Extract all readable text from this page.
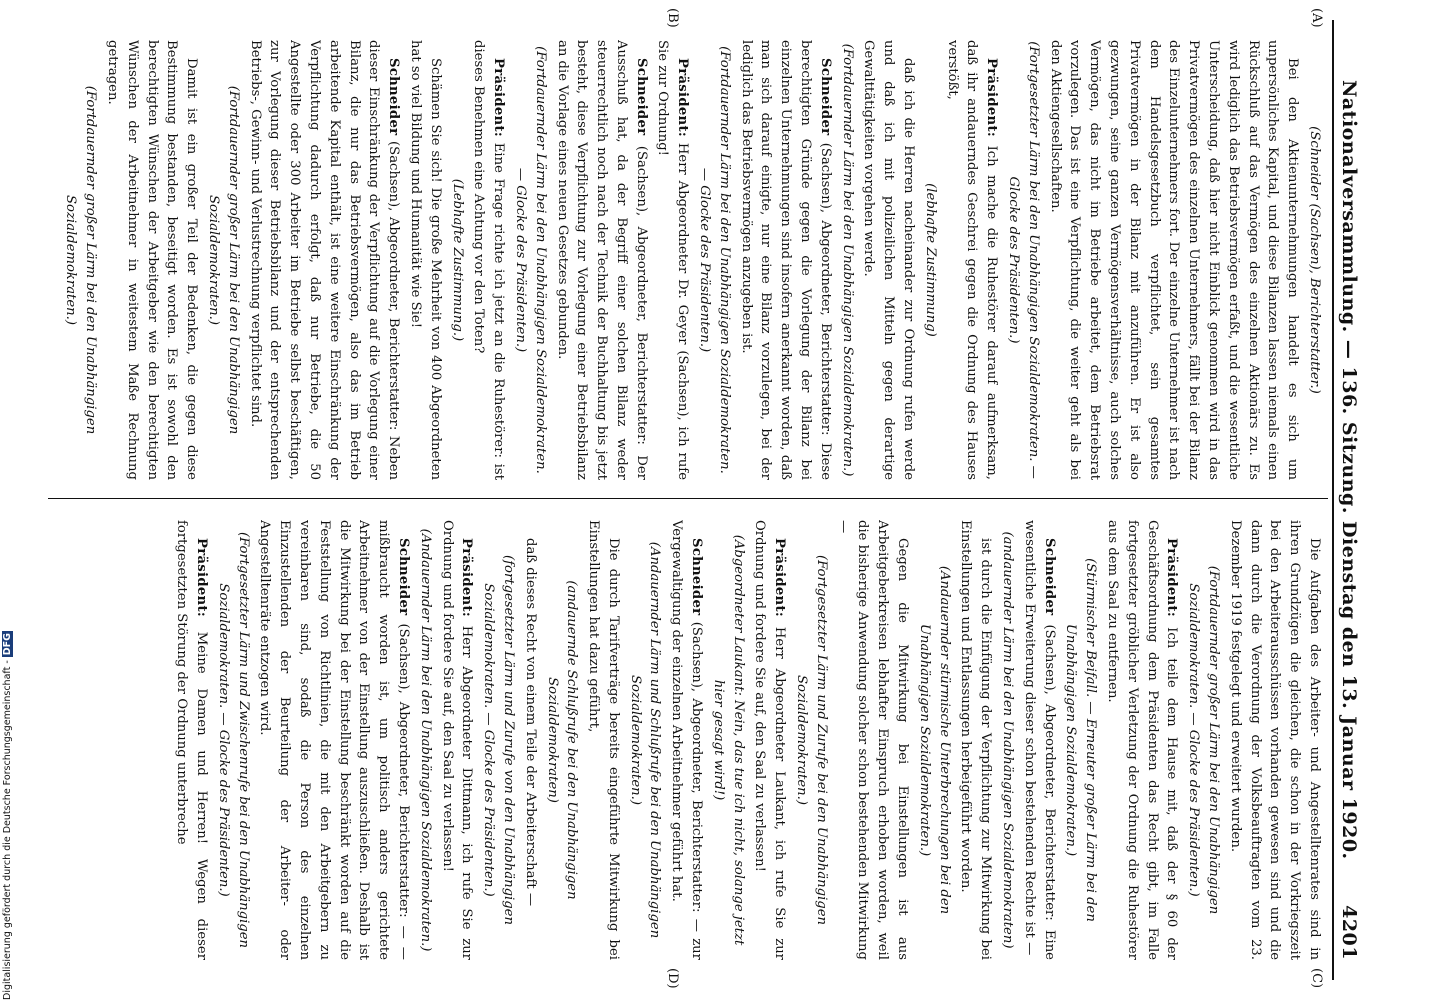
Nationalversammlung. — 136. Sitzung. Dienstag den 13. Januar 1920.
4201
(A)
(B)
(C)
(D)

(Schneider (Sachsen), Berichterstatter.)

Bei den Aktienunternehmungen handelt es sich um unpersönliches Kapital, und diese Bilanzen lassen niemals einen Rückschluß auf das Vermögen des einzelnen Aktionärs zu. Es wird lediglich das Betriebsvermögen erfaßt, und die wesentliche Unterscheidung, daß hier nicht Einblick genommen wird in das Privatvermögen des einzelnen Unternehmers, fällt bei der Bilanz des Einzelunternehmers fort. Der einzelne Unternehmer ist nach dem Handelsgesetzbuch verpflichtet, sein gesamtes Privatvermögen in der Bilanz mit anzuführen. Er ist also gezwungen, seine ganzen Vermögensverhältnisse, auch solches Vermögen, das nicht im Betriebe arbeitet, dem Betriebsrat vorzulegen. Das ist eine Verpflichtung, die weiter geht als bei den Aktiengesellschaften.

(Fortgesetzter Lärm bei den Unabhängigen Sozialdemokraten. — Glocke des Präsidenten.)

Präsident: Ich mache die Ruhestörer darauf aufmerksam, daß ihr andauerndes Geschrei gegen die Ordnung des Hauses verstößt,

(lebhafte Zustimmung)

daß ich die Herren nacheinander zur Ordnung rufen werde und daß ich mit polizeilichen Mitteln gegen derartige Gewalttätigkeiten vorgehen werde.

(Fortdauernder Lärm bei den Unabhängigen Sozialdemokraten.)

Schneider (Sachsen), Abgeordneter, Berichterstatter: Diese berechtigten Gründe gegen die Vorlegung der Bilanz bei einzelnen Unternehmungen sind insofern anerkannt worden, daß man sich darauf einigte, nur eine Bilanz vorzulegen, bei der lediglich das Betriebsvermögen anzugeben ist.

(Fortdauernder Lärm bei den Unabhängigen Sozialdemokraten. — Glocke des Präsidenten.)

Präsident: Herr Abgeordneter Dr. Geyer (Sachsen), ich rufe Sie zur Ordnung!

Schneider (Sachsen), Abgeordneter, Berichterstatter: Der Ausschuß hat, da der Begriff einer solchen Bilanz weder steuerrechtlich noch nach der Technik der Buchhaltung bis jetzt besteht, diese Verpflichtung zur Vorlegung einer Betriebsbilanz an die Vorlage eines neuen Gesetzes gebunden.

(Fortdauernder Lärm bei den Unabhängigen Sozialdemokraten. — Glocke des Präsidenten.)

Präsident: Eine Frage richte ich jetzt an die Ruhestörer: ist dieses Benehmen eine Achtung vor den Toten?

(Lebhafte Zustimmung.)

Schämen Sie sich! Die große Mehrheit von 400 Abgeordneten hat so viel Bildung und Humanität wie Sie!

Schneider (Sachsen), Abgeordneter, Berichterstatter: Neben dieser Einschränkung der Verpflichtung auf die Vorlegung einer Bilanz, die nur das Betriebsvermögen, also das im Betrieb arbeitende Kapital enthält, ist eine weitere Einschränkung der Verpflichtung dadurch erfolgt, daß nur Betriebe, die 50 Angestellte oder 300 Arbeiter im Betriebe selbst beschäftigen, zur Vorlegung dieser Betriebsbilanz und der entsprechenden Betriebs-, Gewinn- und Verlustrechnung verpflichtet sind.

(Fortdauernder großer Lärm bei den Unabhängigen Sozialdemokraten.)

Damit ist ein großer Teil der Bedenken, die gegen diese Bestimmung bestanden, beseitigt worden. Es ist sowohl den berechtigten Wünschen der Arbeitgeber wie den berechtigten Wünschen der Arbeitnehmer in weitestem Maße Rechnung getragen.

(Fortdauernder großer Lärm bei den Unabhängigen Sozialdemokraten.)

Die Aufgaben des Arbeiter- und Angestelltenrates sind in ihren Grundzügen die gleichen, die schon in der Vorkriegszeit bei den Arbeiterausschüssen vorhanden gewesen sind und die dann durch die Verordnung der Volksbeauftragten vom 23. Dezember 1919 festgelegt und erweitert wurden.

(Fortdauernder großer Lärm bei den Unabhängigen Sozialdemokraten. — Glocke des Präsidenten.)

Präsident: Ich teile dem Hause mit, daß der § 60 der Geschäftsordnung dem Präsidenten das Recht gibt, im Falle fortgesetzter gröblicher Verletzung der Ordnung die Ruhestörer aus dem Saal zu entfernen.

(Stürmischer Beifall. — Erneuter großer Lärm bei den Unabhängigen Sozialdemokraten.)

Schneider (Sachsen), Abgeordneter, Berichterstatter: Eine wesentliche Erweiterung dieser schon bestehenden Rechte ist —

(andauernder Lärm bei den Unabhängigen Sozialdemokraten)

ist durch die Einfügung der Verpflichtung zur Mitwirkung bei Einstellungen und Entlassungen herbeigeführt worden.

(Andauernder stürmische Unterbrechungen bei den Unabhängigen Sozialdemokraten.)

Gegen die Mitwirkung bei Einstellungen ist aus Arbeitgeberkreisen lebhafter Einspruch erhoben worden, weil die bisherige Anwendung solcher schon bestehenden Mitwirkung —

(Fortgesetzter Lärm und Zurufe bei den Unabhängigen Sozialdemokraten.)

Präsident: Herr Abgeordneter Laukant, ich rufe Sie zur Ordnung und fordere Sie auf, den Saal zu verlassen!

(Abgeordneter Laukant: Nein, das tue ich nicht, solange jetzt hier gesagt wird!)

Schneider (Sachsen), Abgeordneter, Berichterstatter: — zur Vergewaltigung der einzelnen Arbeitnehmer geführt hat.

(Andauernder Lärm und Schlußrufe bei den Unabhängigen Sozialdemokraten.)

Die durch Tarifverträge bereits eingeführte Mitwirkung bei Einstellungen hat dazu geführt,

(andauernde Schlußrufe bei den Unabhängigen Sozialdemokraten)

daß dieses Recht von einem Teile der Arbeiterschaft —

(fortgesetzter Lärm und Zurufe von den Unabhängigen Sozialdemokraten. — Glocke des Präsidenten.)

Präsident: Herr Abgeordneter Dittmann, ich rufe Sie zur Ordnung und fordere Sie auf, den Saal zu verlassen!

(Andauernder Lärm bei den Unabhängigen Sozialdemokraten.)

Schneider (Sachsen), Abgeordneter, Berichterstatter: — — mißbraucht worden ist, um politisch anders gerichtete Arbeitnehmer von der Einstellung auszuschließen. Deshalb ist die Mitwirkung bei der Einstellung beschränkt worden auf die Feststellung von Richtlinien, die mit den Arbeitgebern zu vereinbaren sind, sodaß die Person des einzelnen Einzustellenden der Beurteilung der Arbeiter- oder Angestelltenräte entzogen wird.

(Fortgesetzter Lärm und Zwischenrufe bei den Unabhängigen Sozialdemokraten. — Glocke des Präsidenten.)

Präsident: Meine Damen und Herren! Wegen dieser fortgesetzten Störung der Ordnung unterbreche

Digitalisierung gefördert durch die Deutsche Forschungsgemeinschaft -DFG
